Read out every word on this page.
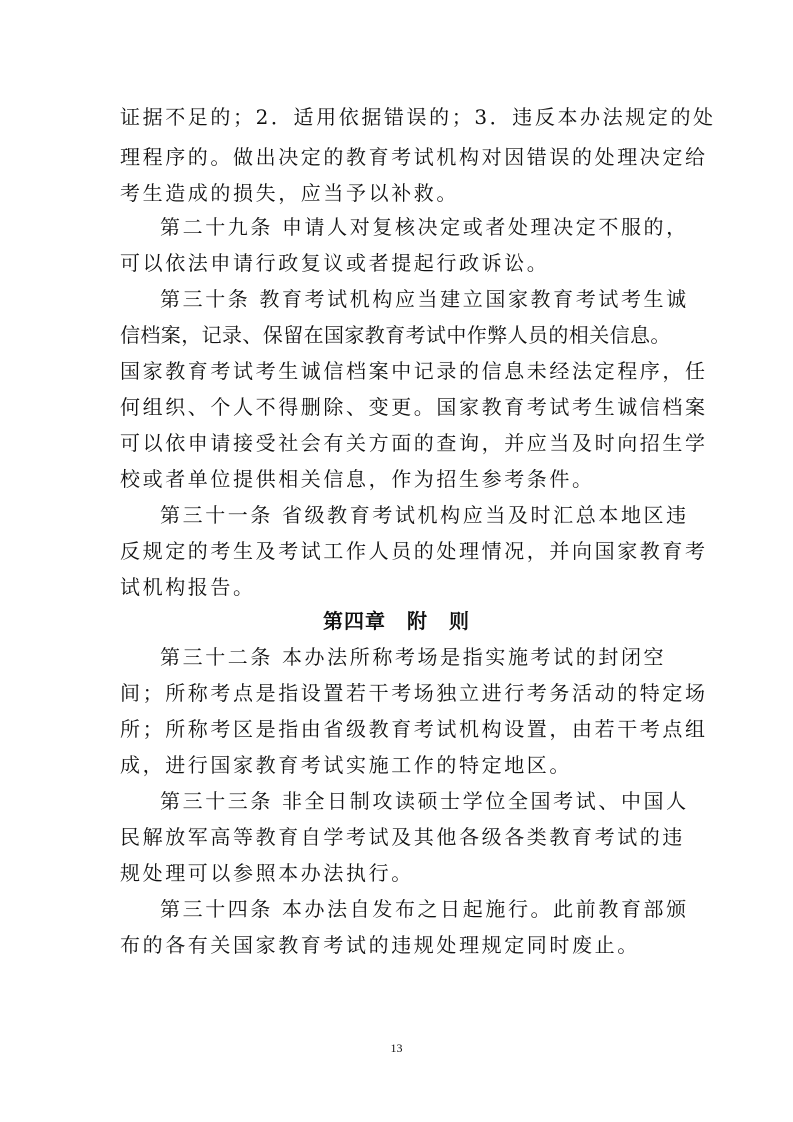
证据不足的；2．适用依据错误的；3．违反本办法规定的处
理程序的。做出决定的教育考试机构对因错误的处理决定给
考生造成的损失，应当予以补救。
第二十九条 申请人对复核决定或者处理决定不服的，
可以依法申请行政复议或者提起行政诉讼。
第三十条 教育考试机构应当建立国家教育考试考生诚
信档案，记录、保留在国家教育考试中作弊人员的相关信息。
国家教育考试考生诚信档案中记录的信息未经法定程序，任
何组织、个人不得删除、变更。国家教育考试考生诚信档案
可以依申请接受社会有关方面的查询，并应当及时向招生学
校或者单位提供相关信息，作为招生参考条件。
第三十一条 省级教育考试机构应当及时汇总本地区违
反规定的考生及考试工作人员的处理情况，并向国家教育考
试机构报告。
第四章　附　则
第三十二条 本办法所称考场是指实施考试的封闭空
间；所称考点是指设置若干考场独立进行考务活动的特定场
所；所称考区是指由省级教育考试机构设置，由若干考点组
成，进行国家教育考试实施工作的特定地区。
第三十三条 非全日制攻读硕士学位全国考试、中国人
民解放军高等教育自学考试及其他各级各类教育考试的违
规处理可以参照本办法执行。
第三十四条 本办法自发布之日起施行。此前教育部颁
布的各有关国家教育考试的违规处理规定同时废止。
13
